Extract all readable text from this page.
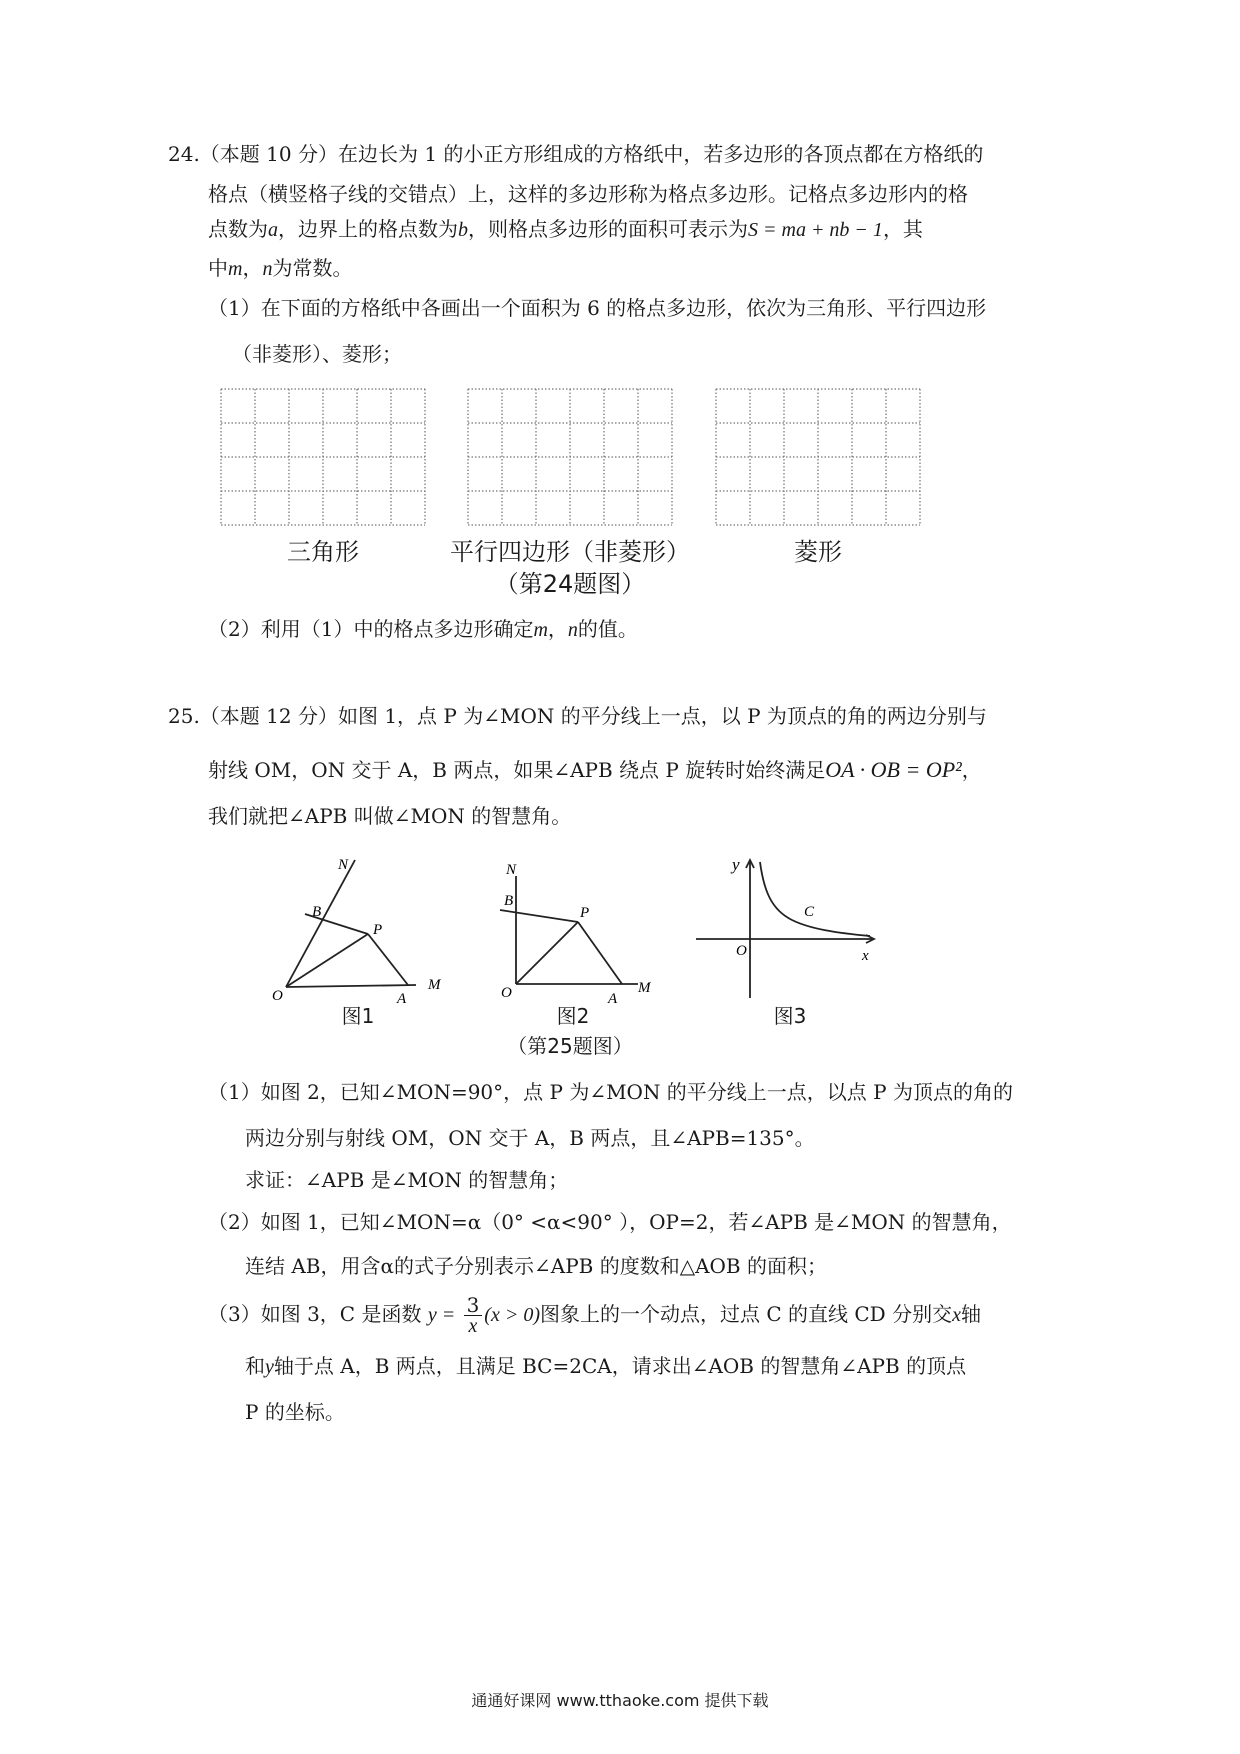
24.（本题 10 分）在边长为 1 的小正方形组成的方格纸中，若多边形的各顶点都在方格纸的
格点（横竖格子线的交错点）上，这样的多边形称为格点多边形。记格点多边形内的格
点数为a，边界上的格点数为b，则格点多边形的面积可表示为S = ma + nb − 1，其
中m，n为常数。
（1）在下面的方格纸中各画出一个面积为 6 的格点多边形，依次为三角形、平行四边形
（非菱形）、菱形；
三角形	平行四边形（非菱形）	菱形
（第24题图）
（2）利用（1）中的格点多边形确定m，n的值。
25.（本题 12 分）如图 1，点 P 为∠MON 的平分线上一点，以 P 为顶点的角的两边分别与
射线 OM，ON 交于 A，B 两点，如果∠APB 绕点 P 旋转时始终满足OA · OB = OP²，
我们就把∠APB 叫做∠MON 的智慧角。
N
B
P
O	A
M
N
B
P
O	A
M
y
O
C
x
图1	图2	图3
（第25题图）
（1）如图 2，已知∠MON=90°，点 P 为∠MON 的平分线上一点，以点 P 为顶点的角的
两边分别与射线 OM，ON 交于 A，B 两点，且∠APB=135°。
求证：∠APB 是∠MON 的智慧角；
（2）如图 1，已知∠MON=α（0° <α<90° ），OP=2，若∠APB 是∠MON 的智慧角，
连结 AB，用含α的式子分别表示∠APB 的度数和△AOB 的面积；
（3）如图 3，C 是函数 $y = \frac{3}{x} (x > 0)$图象上的一个动点，过点 C 的直线 CD 分别交x轴
和y轴于点 A，B 两点，且满足 BC=2CA，请求出∠AOB 的智慧角∠APB 的顶点
P 的坐标。
通通好课网 www.tthaoke.com 提供下载
